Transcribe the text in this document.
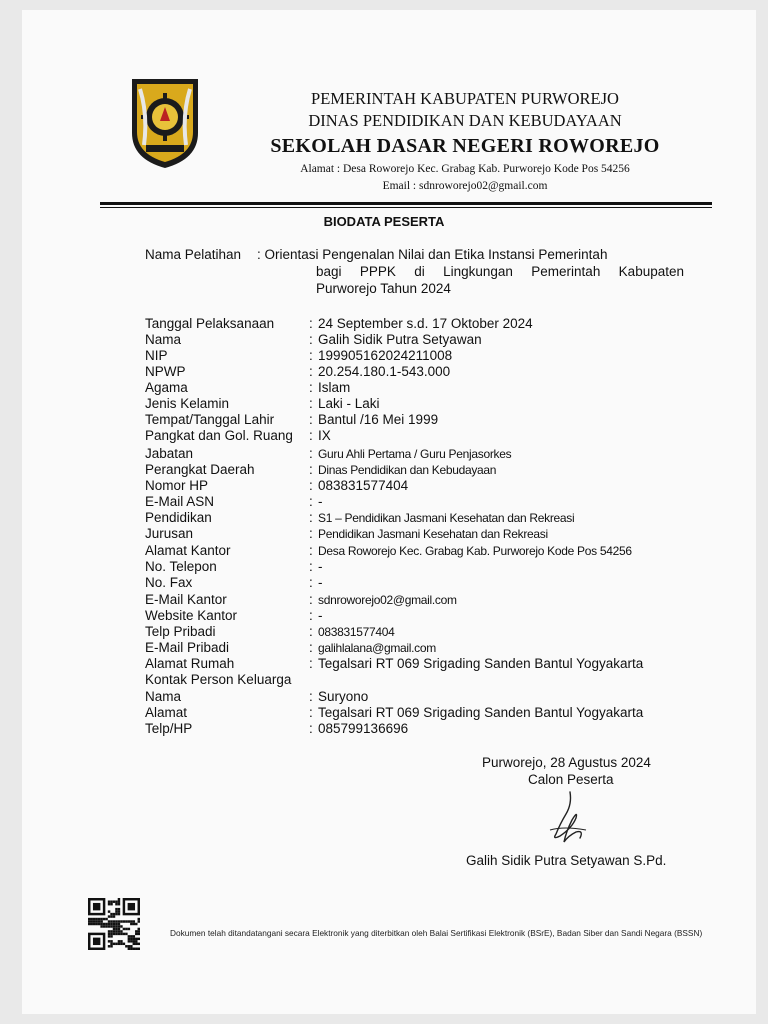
PEMERINTAH KABUPATEN PURWOREJO
DINAS PENDIDIKAN DAN KEBUDAYAAN
SEKOLAH DASAR NEGERI ROWOREJO
Alamat : Desa Roworejo Kec. Grabag Kab. Purworejo Kode Pos 54256
Email : sdnroworejo02@gmail.com
BIODATA PESERTA
Nama Pelatihan : Orientasi Pengenalan Nilai dan Etika Instansi Pemerintah
bagi PPPK di Lingkungan Pemerintah Kabupaten
Purworejo Tahun 2024
Tanggal Pelaksanaan	: 24 September s.d. 17 Oktober 2024
Nama	: Galih Sidik Putra Setyawan
NIP	: 199905162024211008
NPWP	: 20.254.180.1-543.000
Agama	: Islam
Jenis Kelamin	: Laki - Laki
Tempat/Tanggal Lahir	: Bantul /16 Mei 1999
Pangkat dan Gol. Ruang : IX
Jabatan	: Guru Ahli Pertama / Guru Penjasorkes
Perangkat Daerah	: Dinas Pendidikan dan Kebudayaan
Nomor HP	: 083831577404
E-Mail ASN	: -
Pendidikan	: S1 – Pendidikan Jasmani Kesehatan dan Rekreasi
Jurusan	: Pendidikan Jasmani Kesehatan dan Rekreasi
Alamat Kantor	: Desa Roworejo Kec. Grabag Kab. Purworejo Kode Pos 54256
No. Telepon	: -
No. Fax	: -
E-Mail Kantor	: sdnroworejo02@gmail.com
Website Kantor	: -
Telp Pribadi	: 083831577404
E-Mail Pribadi	: galihlalana@gmail.com
Alamat Rumah	: Tegalsari RT 069 Srigading Sanden Bantul Yogyakarta
Kontak Person Keluarga
Nama	: Suryono
Alamat	: Tegalsari RT 069 Srigading Sanden Bantul Yogyakarta
Telp/HP	: 085799136696
Purworejo, 28 Agustus 2024
Calon Peserta
Galih Sidik Putra Setyawan S.Pd.
Dokumen telah ditandatangani secara Elektronik yang diterbitkan oleh Balai Sertifikasi Elektronik (BSrE), Badan Siber dan Sandi Negara (BSSN)
